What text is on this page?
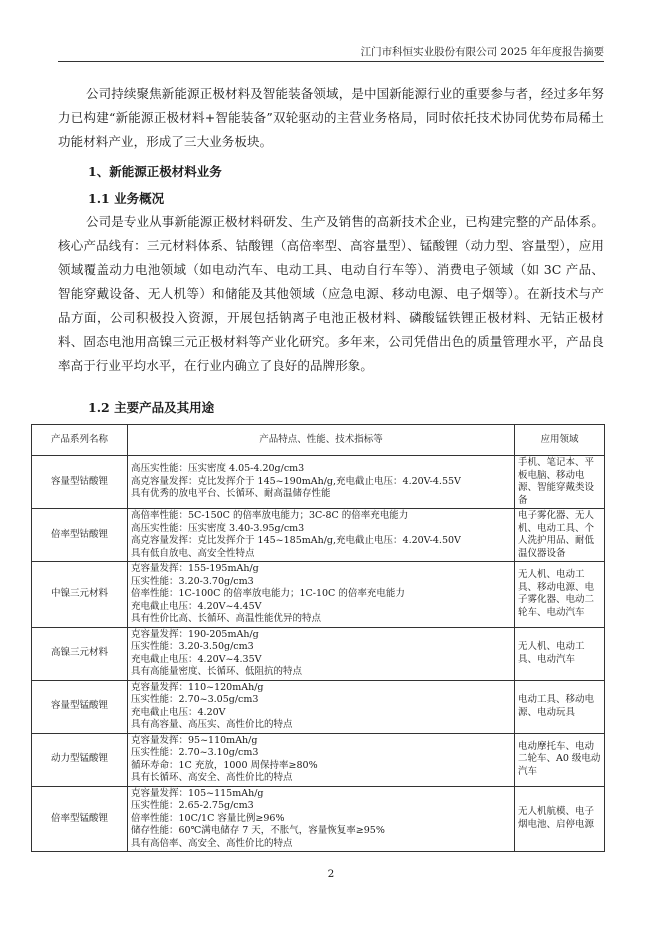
江门市科恒实业股份有限公司 2025 年年度报告摘要
公司持续聚焦新能源正极材料及智能装备领域，是中国新能源行业的重要参与者，经过多年努力已构建“新能源正极材料+智能装备”双轮驱动的主营业务格局，同时依托技术协同优势布局稀土功能材料产业，形成了三大业务板块。
1、新能源正极材料业务
1.1 业务概况
公司是专业从事新能源正极材料研发、生产及销售的高新技术企业，已构建完整的产品体系。核心产品线有：三元材料体系、钴酸锂（高倍率型、高容量型）、锰酸锂（动力型、容量型），应用领域覆盖动力电池领域（如电动汽车、电动工具、电动自行车等）、消费电子领域（如 3C 产品、智能穿戴设备、无人机等）和储能及其他领域（应急电源、移动电源、电子烟等）。在新技术与产品方面，公司积极投入资源，开展包括钠离子电池正极材料、磷酸锰铁锂正极材料、无钴正极材料、固态电池用高镍三元正极材料等产业化研究。多年来，公司凭借出色的质量管理水平，产品良率高于行业平均水平，在行业内确立了良好的品牌形象。
1.2 主要产品及其用途
产品系列名称	产品特点、性能、技术指标等	应用领域
容量型钴酸锂	高压实性能：压实密度 4.05-4.20g/cm3
高克容量发挥：克比发挥介于 145~190mAh/g,充电截止电压：4.20V-4.55V
具有优秀的放电平台、长循环、耐高温储存性能	手机、笔记本、平板电脑、移动电源、智能穿戴类设备
倍率型钴酸锂	高倍率性能：5C-150C 的倍率放电能力；3C-8C 的倍率充电能力
高压实性能：压实密度 3.40-3.95g/cm3
高克容量发挥：克比发挥介于 145~185mAh/g,充电截止电压：4.20V-4.50V
具有低自放电、高安全性特点	电子雾化器、无人机、电动工具、个人洗护用品、耐低温仪器设备
中镍三元材料	克容量发挥：155-195mAh/g
压实性能：3.20-3.70g/cm3
倍率性能：1C-100C 的倍率放电能力；1C-10C 的倍率充电能力
充电截止电压：4.20V~4.45V
具有性价比高、长循环、高温性能优异的特点	无人机、电动工具、移动电源、电子雾化器、电动二轮车、电动汽车
高镍三元材料	克容量发挥：190-205mAh/g
压实性能：3.20-3.50g/cm3
充电截止电压：4.20V~4.35V
具有高能量密度、长循环、低阻抗的特点	无人机、电动工具、电动汽车
容量型锰酸锂	克容量发挥：110~120mAh/g
压实性能：2.70~3.05g/cm3
充电截止电压：4.20V
具有高容量、高压实、高性价比的特点	电动工具、移动电源、电动玩具
动力型锰酸锂	克容量发挥：95~110mAh/g
压实性能：2.70~3.10g/cm3
循环寿命：1C 充放，1000 周保持率≥80%
具有长循环、高安全、高性价比的特点	电动摩托车、电动二轮车、A0 级电动汽车
倍率型锰酸锂	克容量发挥：105~115mAh/g
压实性能：2.65-2.75g/cm3
倍率性能：10C/1C 容量比例≥96%
储存性能：60℃满电储存 7 天，不胀气，容量恢复率≥95%
具有高倍率、高安全、高性价比的特点	无人机航模、电子烟电池、启停电源
2
